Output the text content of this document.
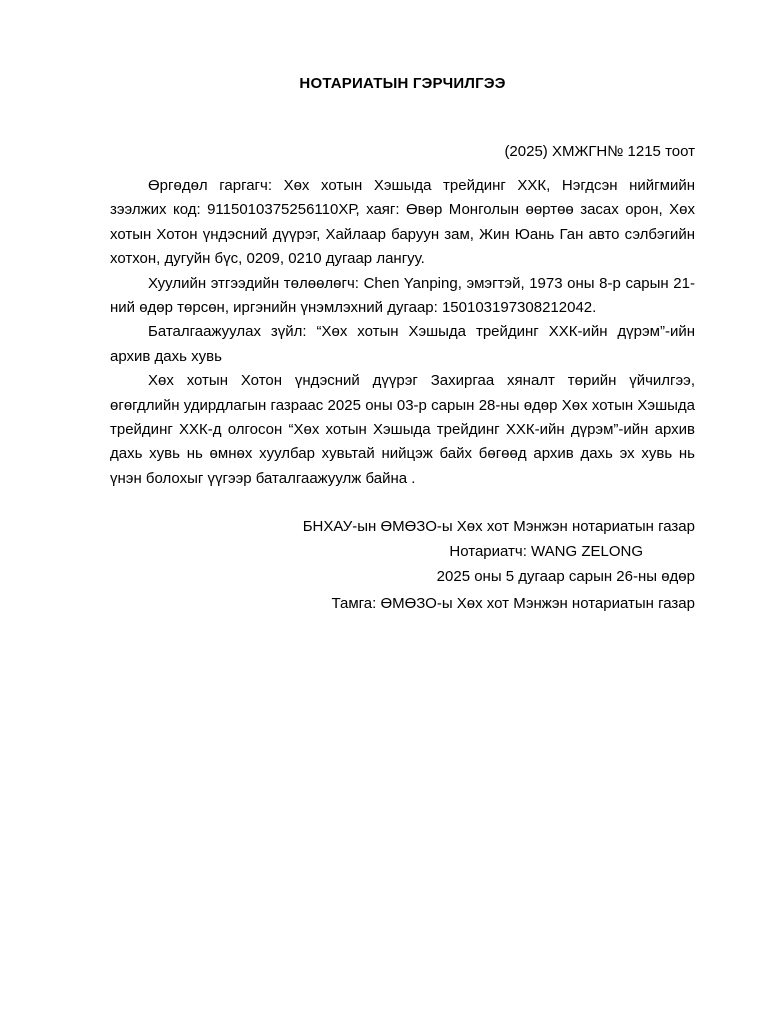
НОТАРИАТЫН ГЭРЧИЛГЭЭ
(2025) ХМЖГН№ 1215 тоот

Өргөдөл гаргагч: Хөх хотын Хэшыда трейдинг ХХК, Нэгдсэн нийгмийн зээлжих код: 9115010375256110ХР, хаяг: Өвөр Монголын өөртөө засах орон, Хөх хотын Хотон үндэсний дүүрэг, Хайлаар баруун зам, Жин Юань Ган авто сэлбэгийн хотхон, дугуйн бүс, 0209, 0210 дугаар лангуу.

Хуулийн этгээдийн төлөөлөгч: Chen Yanping, эмэгтэй, 1973 оны 8-р сарын 21-ний өдөр төрсөн, иргэнийн үнэмлэхний дугаар: 150103197308212042.

Баталгаажуулах зүйл: “Хөх хотын Хэшыда трейдинг ХХК-ийн дүрэм”-ийн архив дахь хувь

Хөх хотын Хотон үндэсний дүүрэг Захиргаа хяналт төрийн үйчилгээ, өгөгдлийн удирдлагын газраас 2025 оны 03-р сарын 28-ны өдөр Хөх хотын Хэшыда трейдинг ХХК-д олгосон “Хөх хотын Хэшыда трейдинг ХХК-ийн дүрэм”-ийн архив дахь хувь нь өмнөх хуулбар хувьтай нийцэж байх бөгөөд архив дахь эх хувь нь үнэн болохыг үүгээр баталгаажуулж байна .

БНХАУ-ын ӨМӨЗО-ы Хөх хот Мэнжэн нотариатын газар
Нотариатч: WANG ZELONG
2025 оны 5 дугаар сарын 26-ны өдөр
Тамга: ӨМӨЗО-ы Хөх хот Мэнжэн нотариатын газар
